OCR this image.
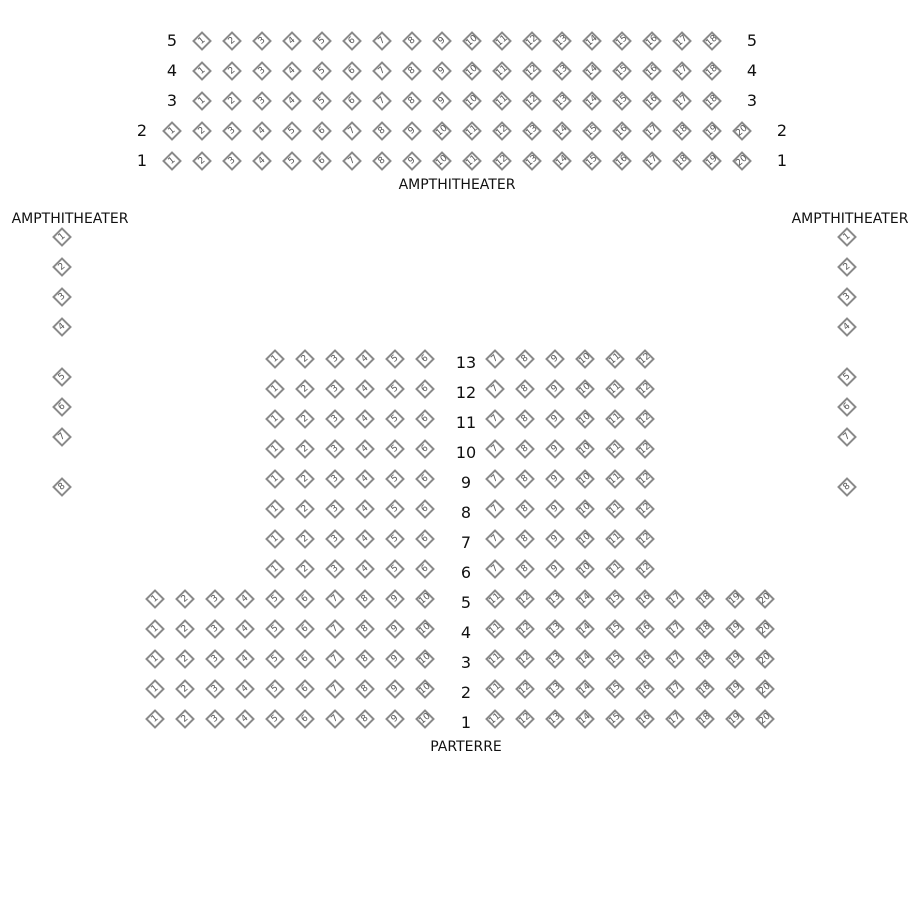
AMPTHITHEATER
AMPTHITHEATER	AMPTHITHEATER
PARTERRE
1	2	3	4	5	6	7	8	9	10	11	12	13	14	15	16	17	18
5	5
1	2	3	4	5	6	7	8	9	10	11	12	13	14	15	16	17	18
4	4
1	2	3	4	5	6	7	8	9	10	11	12	13	14	15	16	17	18
3	3
1	2	3	4	5	6	7	8	9	10	11	12	13	14	15	16	17	18	19	20
2	2
1	2	3	4	5	6	7	8	9	10	11	12	13	14	15	16	17	18	19	20
1	1
1
2
3
4
5
6
7
8
1
2
3
4
5
6
7
8
1	2	3	4	5	6	7	8	9	10	11	12
13
1	2	3	4	5	6	7	8	9	10	11	12
12
1	2	3	4	5	6	7	8	9	10	11	12
11
1	2	3	4	5	6	7	8	9	10	11	12
10
1	2	3	4	5	6	7	8	9	10	11	12
9
1	2	3	4	5	6	7	8	9	10	11	12
8
1	2	3	4	5	6	7	8	9	10	11	12
7
1	2	3	4	5	6	7	8	9	10	11	12
6
1	2	3	4	5	6	7	8	9	10	11	12	13	14	15	16	17	18	19	20
5
1	2	3	4	5	6	7	8	9	10	11	12	13	14	15	16	17	18	19	20
4
1	2	3	4	5	6	7	8	9	10	11	12	13	14	15	16	17	18	19	20
3
1	2	3	4	5	6	7	8	9	10	11	12	13	14	15	16	17	18	19	20
2
1	2	3	4	5	6	7	8	9	10	11	12	13	14	15	16	17	18	19	20
1
